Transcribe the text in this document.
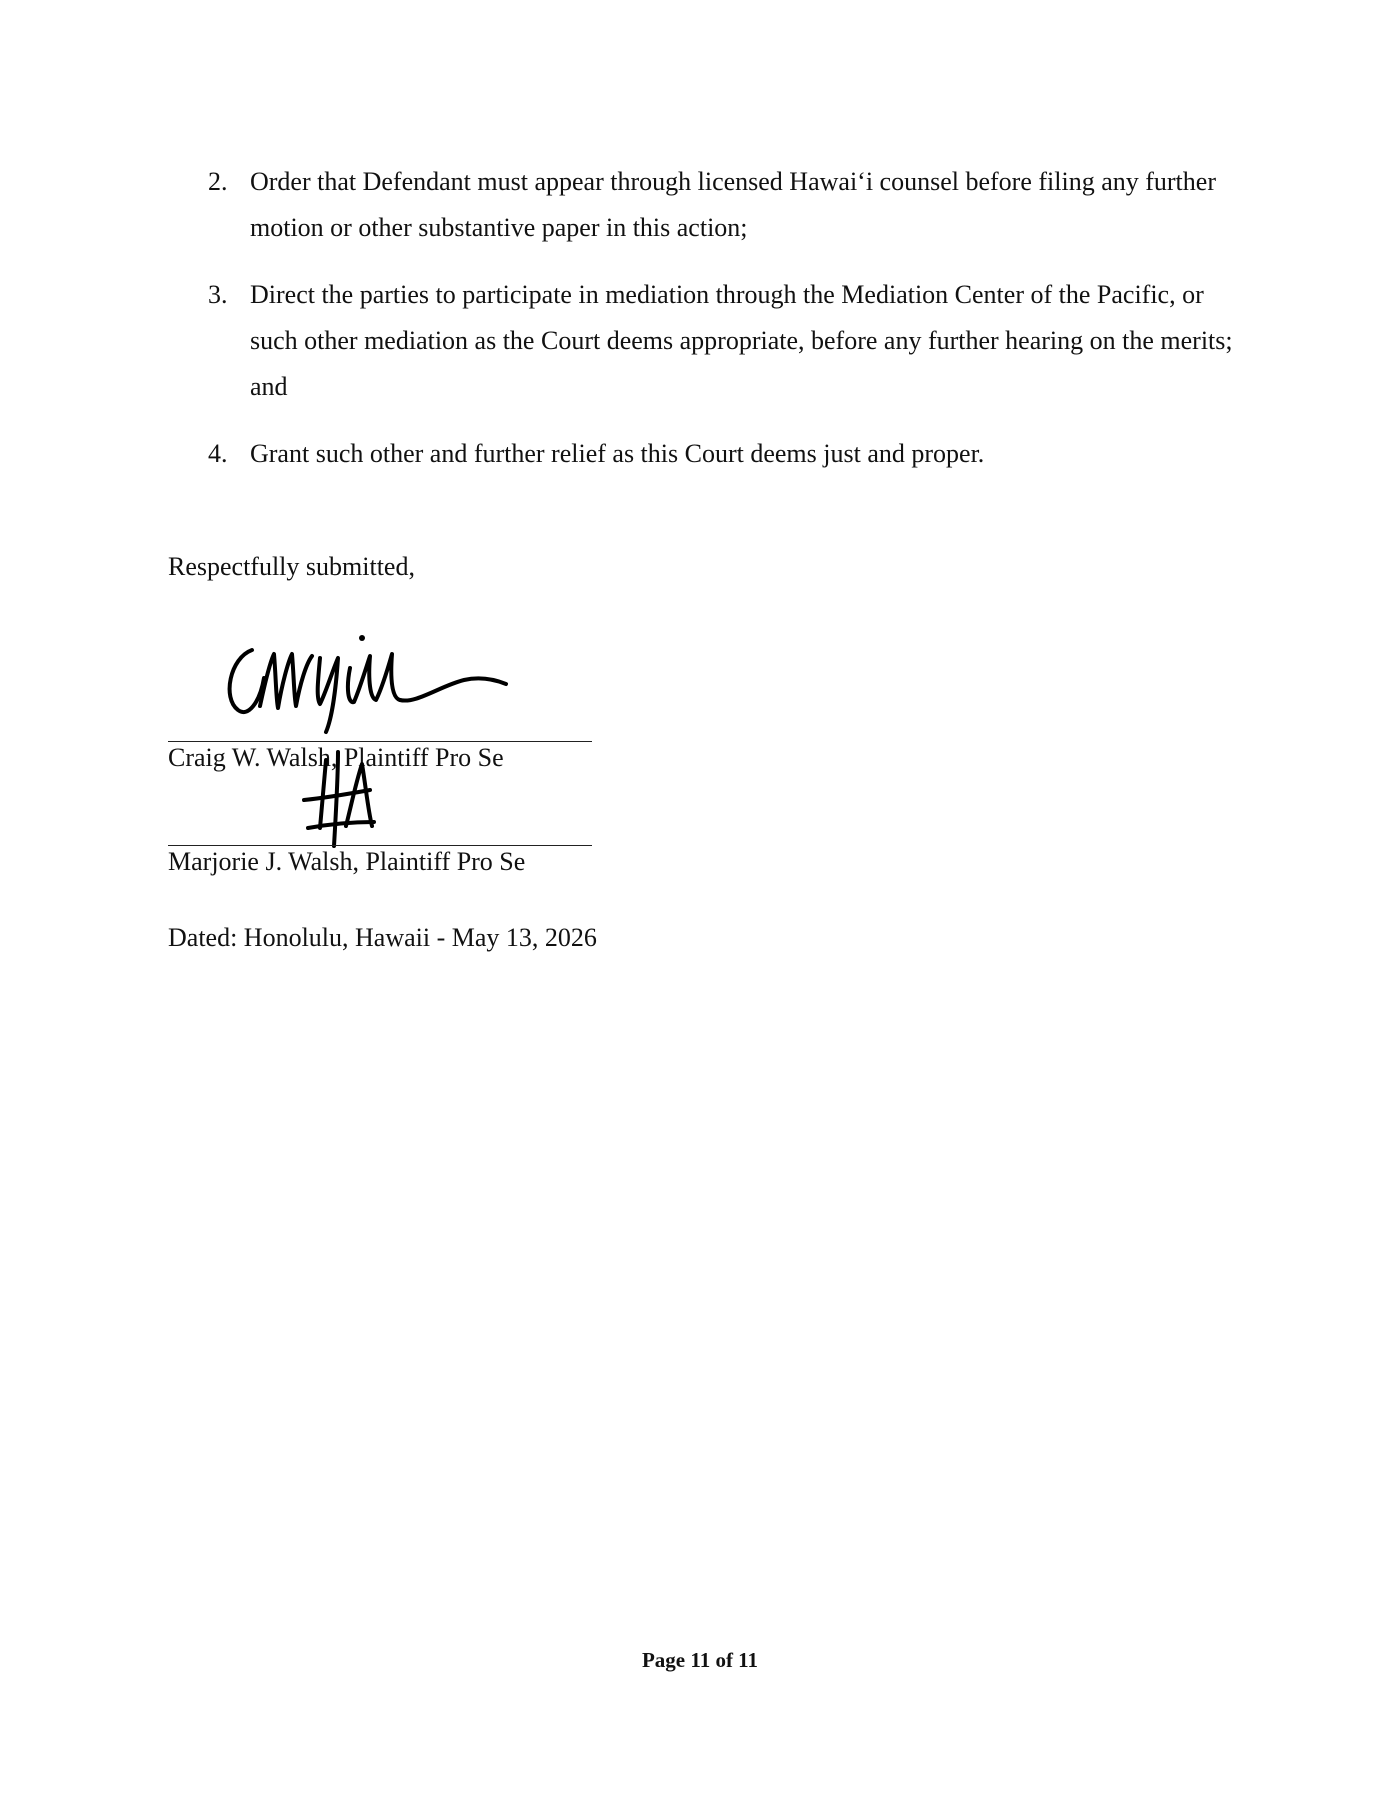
2. Order that Defendant must appear through licensed Hawai‘i counsel before filing any further motion or other substantive paper in this action;
3. Direct the parties to participate in mediation through the Mediation Center of the Pacific, or such other mediation as the Court deems appropriate, before any further hearing on the merits; and
4. Grant such other and further relief as this Court deems just and proper.
Respectfully submitted,
Craig W. Walsh, Plaintiff Pro Se
Marjorie J. Walsh, Plaintiff Pro Se
Dated: Honolulu, Hawaii - May 13, 2026
Page 11 of 11
